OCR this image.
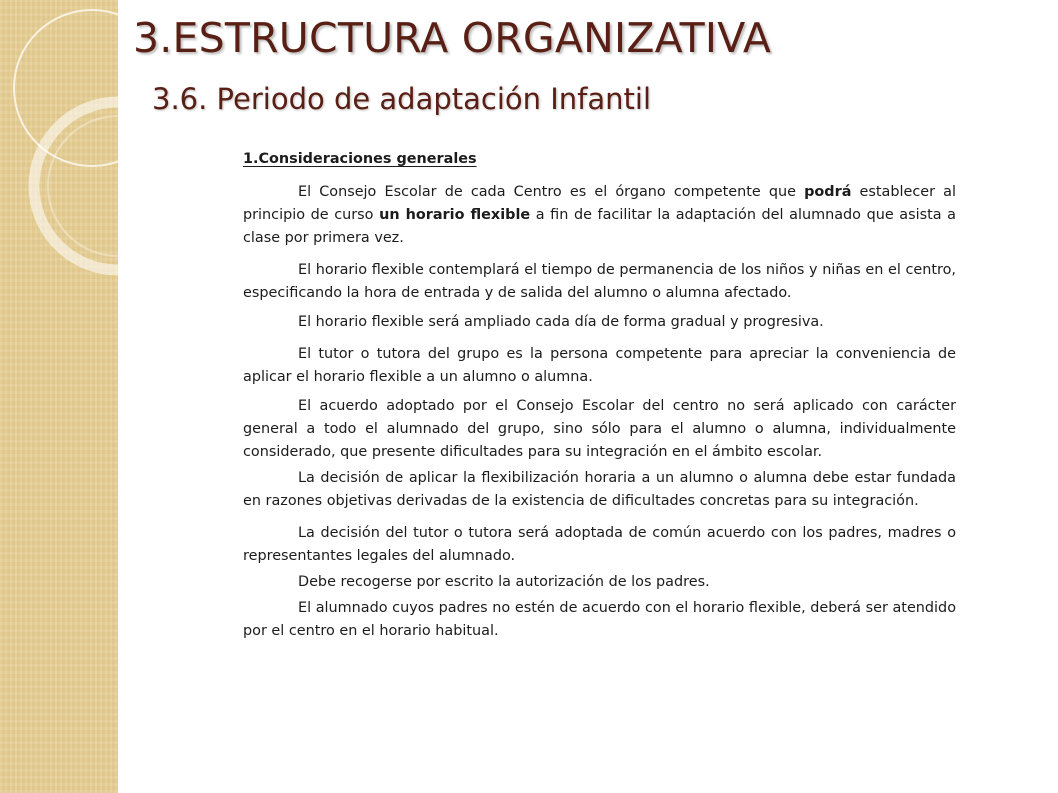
3.ESTRUCTURA ORGANIZATIVA
3.6. Periodo de adaptación Infantil
1.Consideraciones generales

El Consejo Escolar de cada Centro es el órgano competente que podrá establecer al principio de curso un horario flexible a fin de facilitar la adaptación del alumnado que asista a clase por primera vez.

El horario flexible contemplará el tiempo de permanencia de los niños y niñas en el centro, especificando la hora de entrada y de salida del alumno o alumna afectado.

El horario flexible será ampliado cada día de forma gradual y progresiva.

El tutor o tutora del grupo es la persona competente para apreciar la conveniencia de aplicar el horario flexible a un alumno o alumna.

El acuerdo adoptado por el Consejo Escolar del centro no será aplicado con carácter general a todo el alumnado del grupo, sino sólo para el alumno o alumna, individualmente considerado, que presente dificultades para su integración en el ámbito escolar.

La decisión de aplicar la flexibilización horaria a un alumno o alumna debe estar fundada en razones objetivas derivadas de la existencia de dificultades concretas para su integración.

La decisión del tutor o tutora será adoptada de común acuerdo con los padres, madres o representantes legales del alumnado.

Debe recogerse por escrito la autorización de los padres.

El alumnado cuyos padres no estén de acuerdo con el horario flexible, deberá ser atendido por el centro en el horario habitual.
